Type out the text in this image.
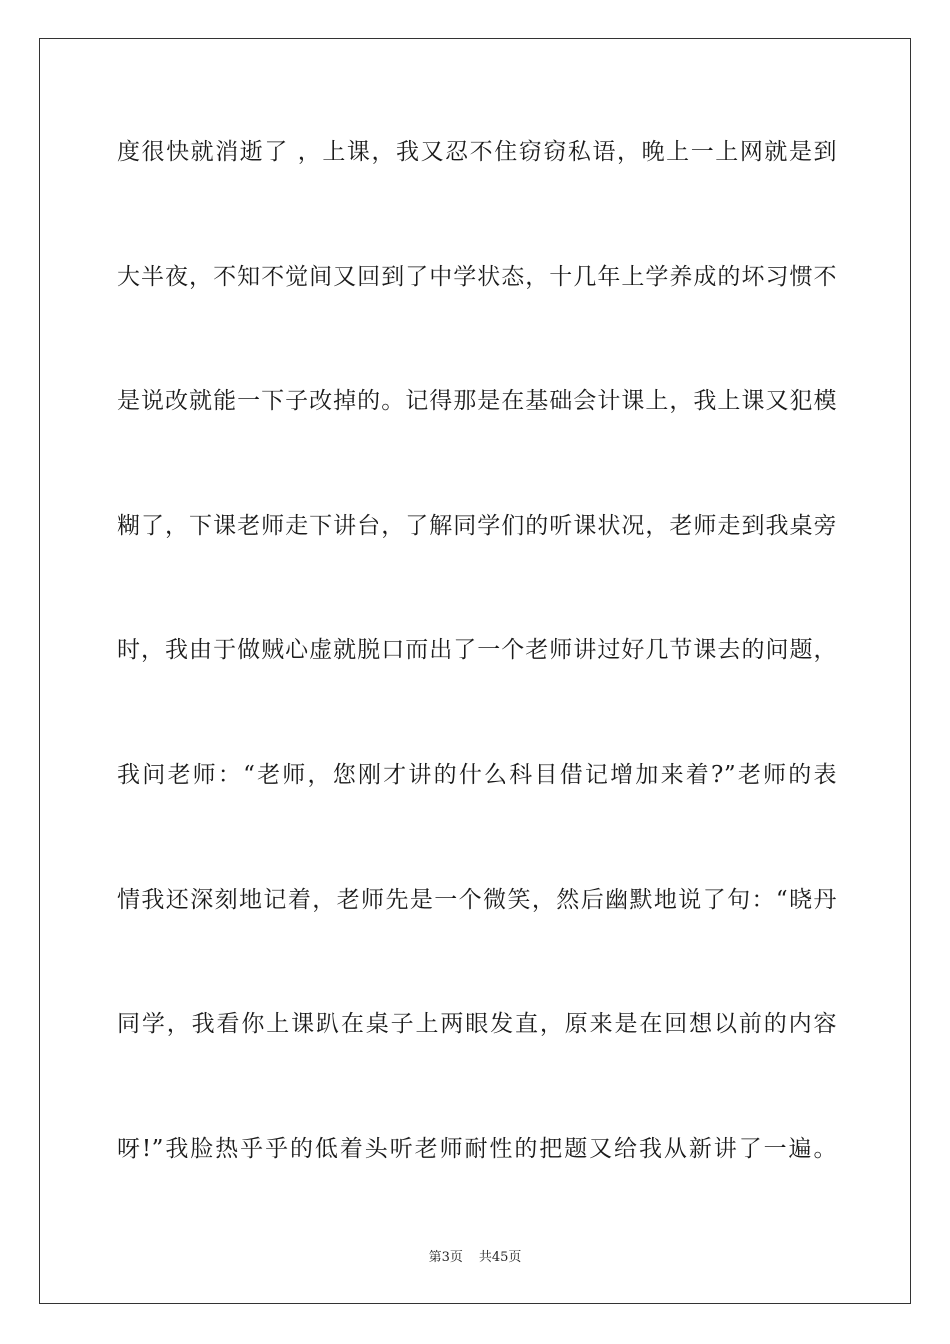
度很快就消逝了 ，上课，我又忍不住窃窃私语，晚上一上网就是到
大半夜，不知不觉间又回到了中学状态，十几年上学养成的坏习惯不
是说改就能一下子改掉的。记得那是在基础会计课上，我上课又犯模
糊了，下课老师走下讲台，了解同学们的听课状况，老师走到我桌旁
时，我由于做贼心虚就脱口而出了一个老师讲过好几节课去的问题，
我问老师：“老师，您刚才讲的什么科目借记增加来着?”老师的表
情我还深刻地记着，老师先是一个微笑，然后幽默地说了句：“晓丹
同学，我看你上课趴在桌子上两眼发直，原来是在回想以前的内容
呀!”我脸热乎乎的低着头听老师耐性的把题又给我从新讲了一遍。
第3页 共45页
